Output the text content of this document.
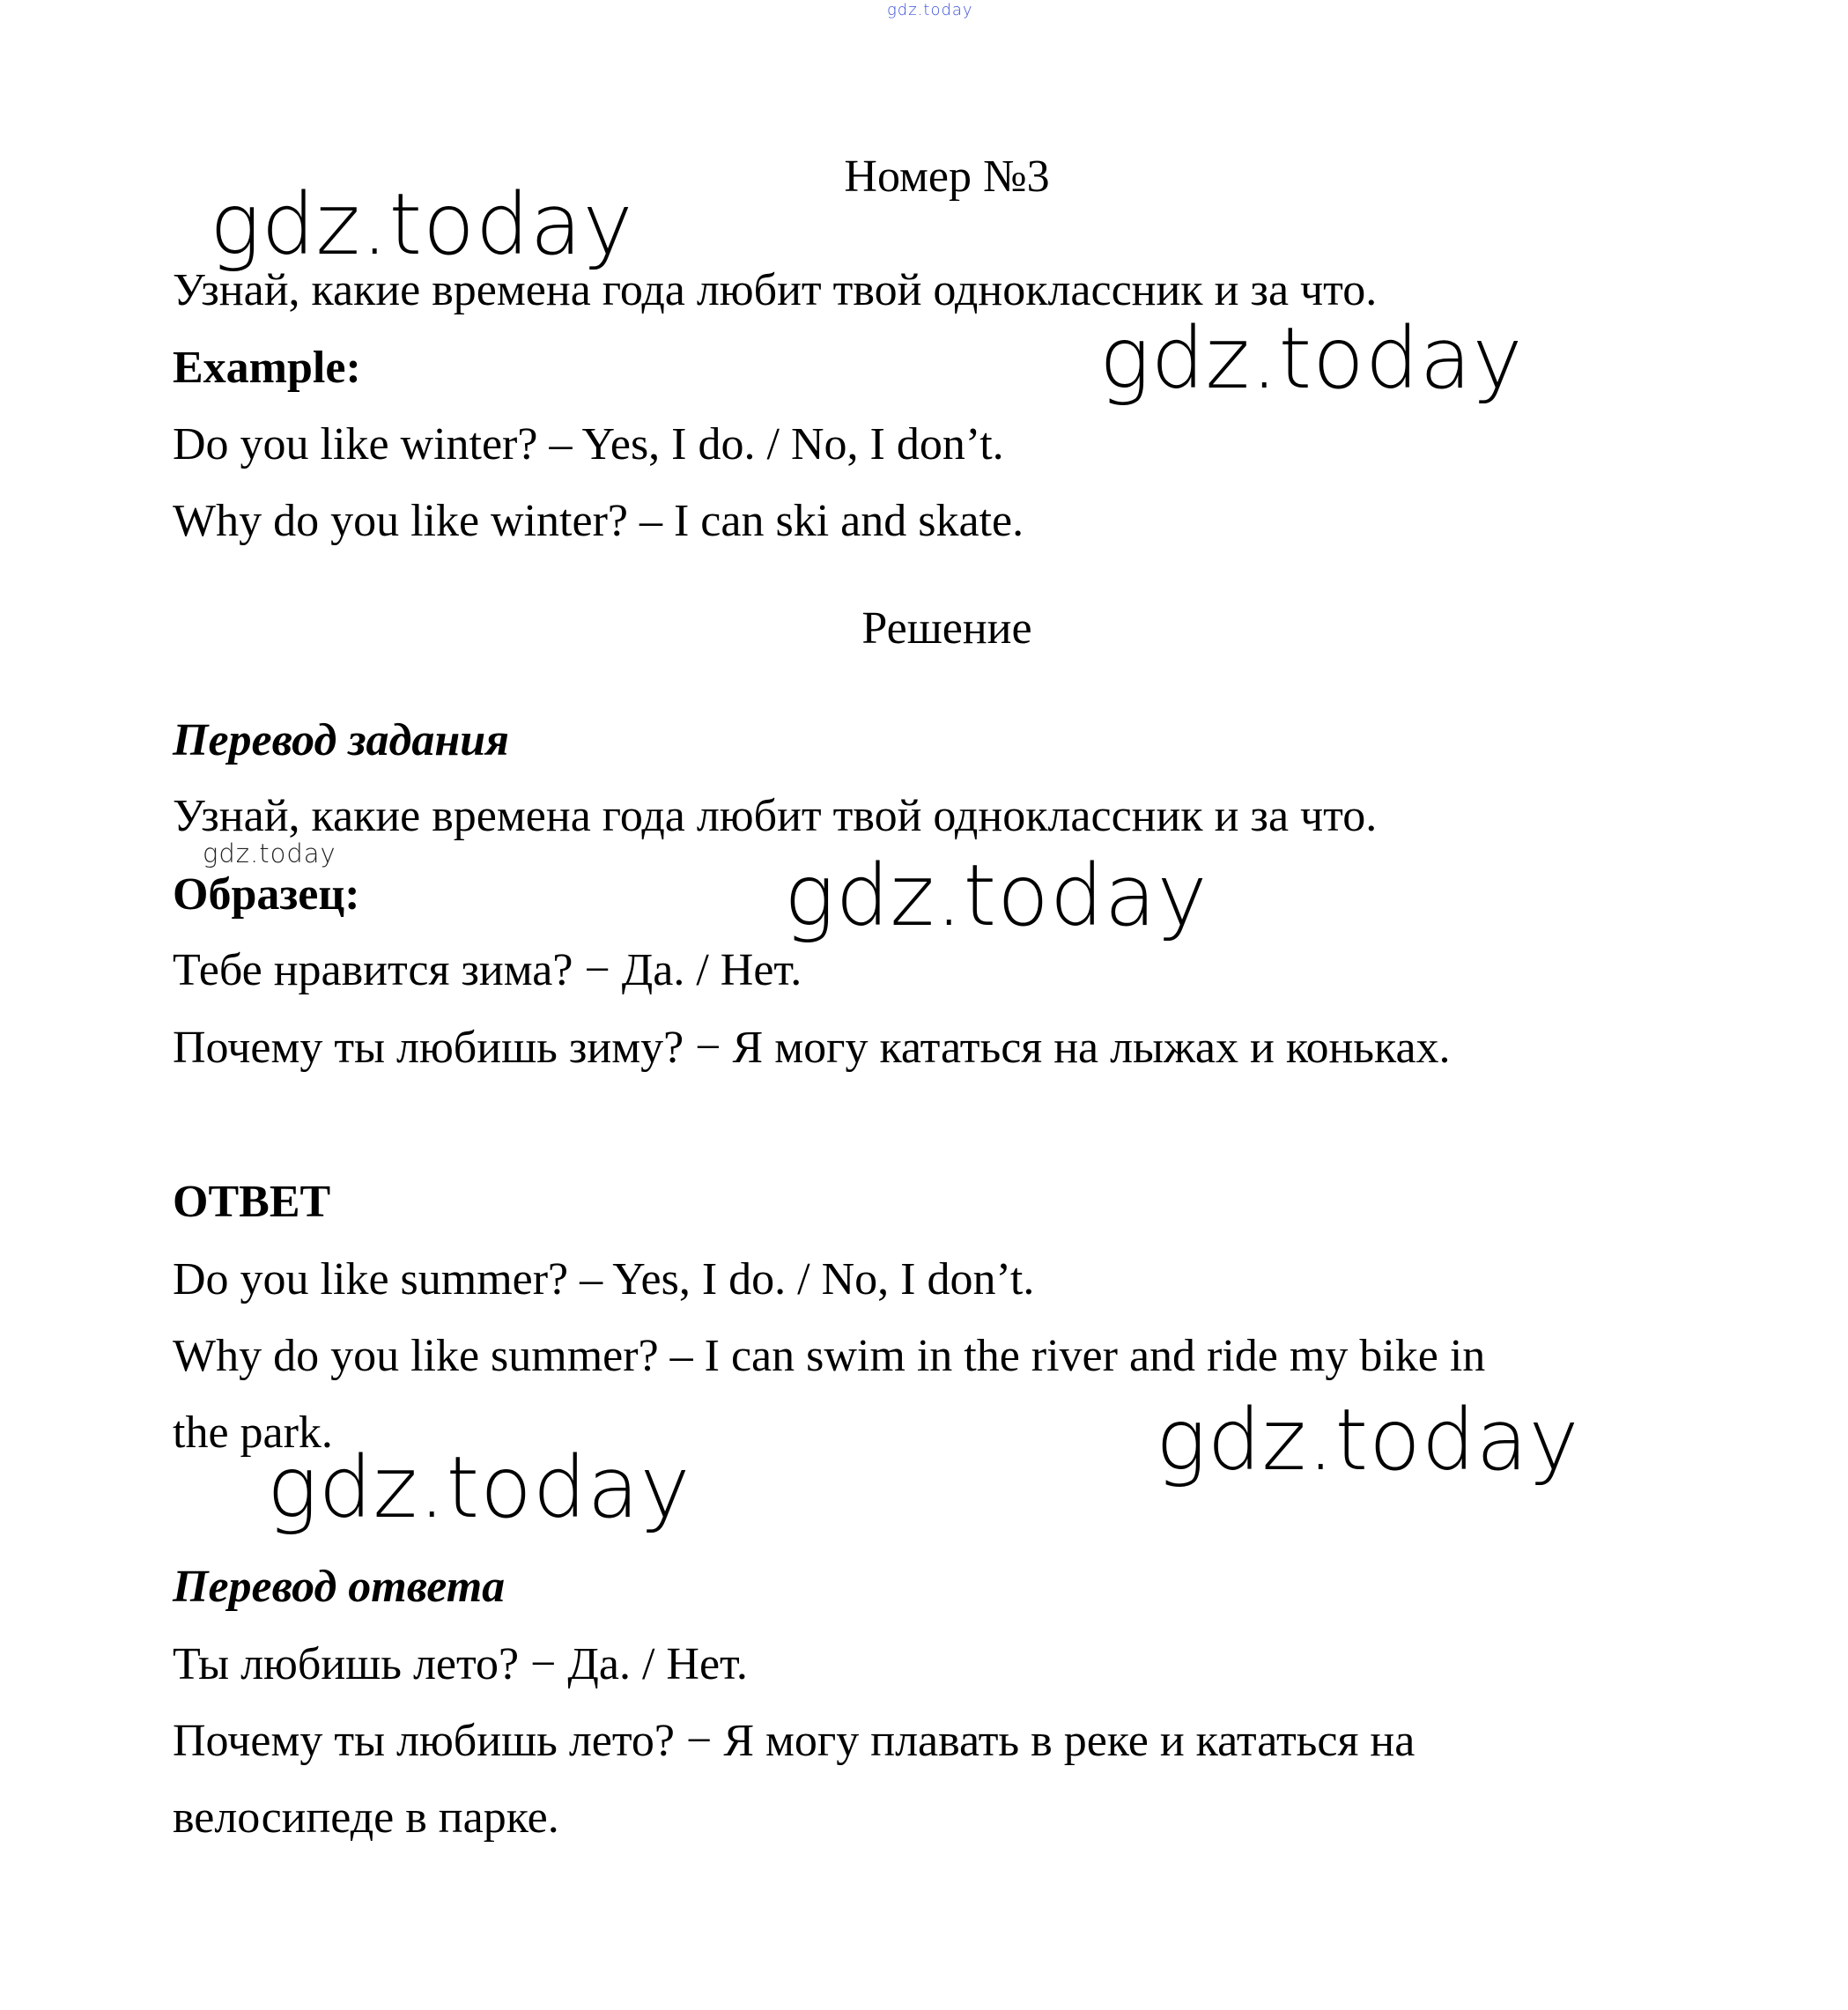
gdz.today
Номер №3
Узнай, какие времена года любит твой одноклассник и за что.
Example:
Do you like winter? – Yes, I do. / No, I don’t.
Why do you like winter? – I can ski and skate.
Решение
Перевод задания
Узнай, какие времена года любит твой одноклассник и за что.
Образец:
Тебе нравится зима? − Да. / Нет.
Почему ты любишь зиму? − Я могу кататься на лыжах и коньках.
ОТВЕТ
Do you like summer? – Yes, I do. / No, I don’t.
Why do you like summer? – I can swim in the river and ride my bike in
the park.
Перевод ответа
Ты любишь лето? − Да. / Нет.
Почему ты любишь лето? − Я могу плавать в реке и кататься на
велосипеде в парке.
gdz.today
gdz.today
gdz.today	gdz.today
gdz.today
gdz.today
